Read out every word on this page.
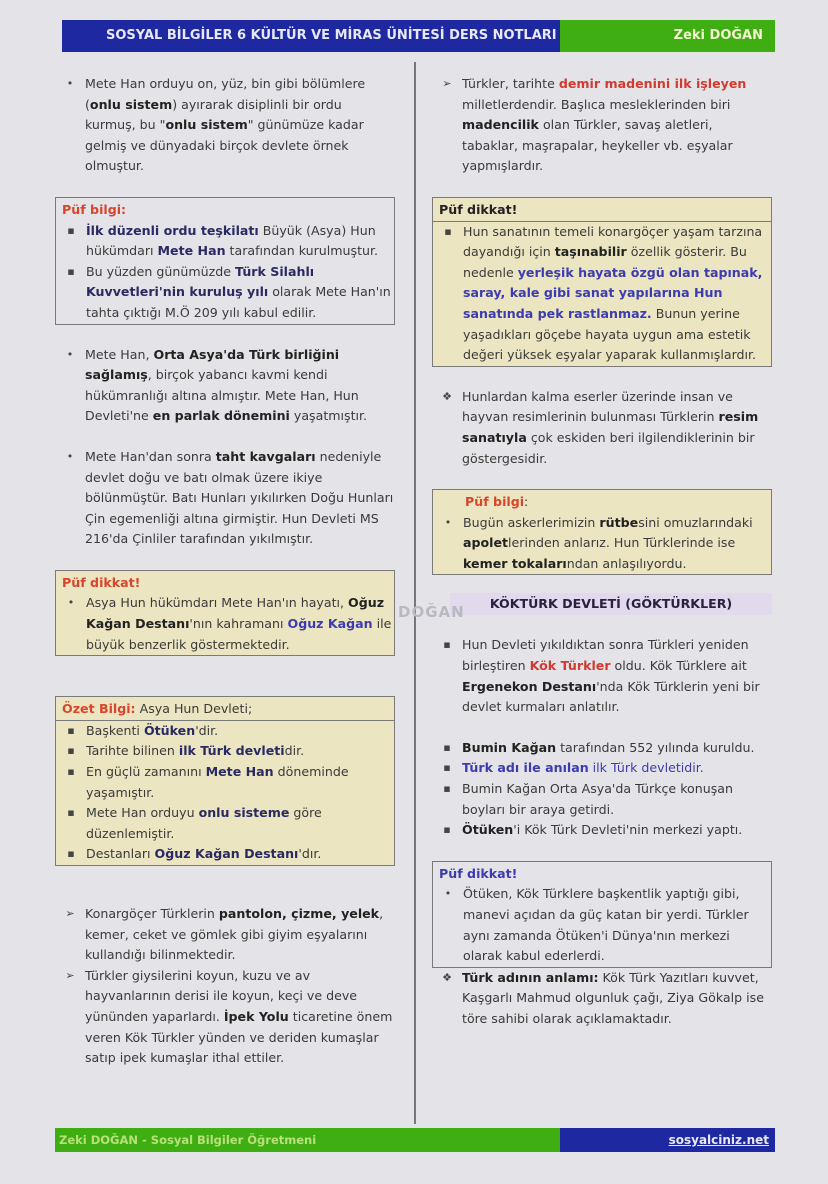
SOSYAL BİLGİLER 6 KÜLTÜR VE MİRAS ÜNİTESİ DERS NOTLARI	Zeki DOĞAN
• Mete Han orduyu on, yüz, bin gibi bölümlere (onlu sistem) ayırarak disiplinli bir ordu kurmuş, bu "onlu sistem" günümüze kadar gelmiş ve dünyadaki birçok devlete örnek olmuştur.
Püf bilgi:
▪ İlk düzenli ordu teşkilatı Büyük (Asya) Hun hükümdarı Mete Han tarafından kurulmuştur.
▪ Bu yüzden günümüzde Türk Silahlı Kuvvetleri'nin kuruluş yılı olarak Mete Han'ın tahta çıktığı M.Ö 209 yılı kabul edilir.
• Mete Han, Orta Asya'da Türk birliğini sağlamış, birçok yabancı kavmi kendi hükümranlığı altına almıştır. Mete Han, Hun Devleti'ne en parlak dönemini yaşatmıştır.
• Mete Han'dan sonra taht kavgaları nedeniyle devlet doğu ve batı olmak üzere ikiye bölünmüştür. Batı Hunları yıkılırken Doğu Hunları Çin egemenliği altına girmiştir. Hun Devleti MS 216'da Çinliler tarafından yıkılmıştır.
Püf dikkat!
• Asya Hun hükümdarı Mete Han'ın hayatı, Oğuz Kağan Destanı'nın kahramanı Oğuz Kağan ile büyük benzerlik göstermektedir.
Özet Bilgi: Asya Hun Devleti;
▪ Başkenti Ötüken'dir.
▪ Tarihte bilinen ilk Türk devletidir.
▪ En güçlü zamanını Mete Han döneminde yaşamıştır.
▪ Mete Han orduyu onlu sisteme göre düzenlemiştir.
▪ Destanları Oğuz Kağan Destanı'dır.
➢ Konargöçer Türklerin pantolon, çizme, yelek, kemer, ceket ve gömlek gibi giyim eşyalarını kullandığı bilinmektedir.
➢ Türkler giysilerini koyun, kuzu ve av hayvanlarının derisi ile koyun, keçi ve deve yününden yaparlardı. İpek Yolu ticaretine önem veren Kök Türkler yünden ve deriden kumaşlar satıp ipek kumaşlar ithal ettiler.
➢ Türkler, tarihte demir madenini ilk işleyen milletlerdendir. Başlıca mesleklerinden biri madencilik olan Türkler, savaş aletleri, tabaklar, maşrapalar, heykeller vb. eşyalar yapmışlardır.
Püf dikkat!
▪ Hun sanatının temeli konargöçer yaşam tarzına dayandığı için taşınabilir özellik gösterir. Bu nedenle yerleşik hayata özgü olan tapınak, saray, kale gibi sanat yapılarına Hun sanatında pek rastlanmaz. Bunun yerine yaşadıkları göçebe hayata uygun ama estetik değeri yüksek eşyalar yaparak kullanmışlardır.
❖ Hunlardan kalma eserler üzerinde insan ve hayvan resimlerinin bulunması Türklerin resim sanatıyla çok eskiden beri ilgilendiklerinin bir göstergesidir.
Püf bilgi:
• Bugün askerlerimizin rütbesini omuzlarındaki apoletlerinden anlarız. Hun Türklerinde ise kemer tokalarından anlaşılıyordu.
KÖKTÜRK DEVLETİ (GÖKTÜRKLER)
▪ Hun Devleti yıkıldıktan sonra Türkleri yeniden birleştiren Kök Türkler oldu. Kök Türklere ait Ergenekon Destanı'nda Kök Türklerin yeni bir devlet kurmaları anlatılır.
▪ Bumin Kağan tarafından 552 yılında kuruldu.
▪ Türk adı ile anılan ilk Türk devletidir.
▪ Bumin Kağan Orta Asya'da Türkçe konuşan boyları bir araya getirdi.
▪ Ötüken'i Kök Türk Devleti'nin merkezi yaptı.
Püf dikkat!
• Ötüken, Kök Türklere başkentlik yaptığı gibi, manevi açıdan da güç katan bir yerdi. Türkler aynı zamanda Ötüken'i Dünya'nın merkezi olarak kabul ederlerdi.
❖ Türk adının anlamı: Kök Türk Yazıtları kuvvet, Kaşgarlı Mahmud olgunluk çağı, Ziya Gökalp ise töre sahibi olarak açıklamaktadır.
DOĞAN
Zeki DOĞAN - Sosyal Bilgiler Öğretmeni	sosyalciniz.net
